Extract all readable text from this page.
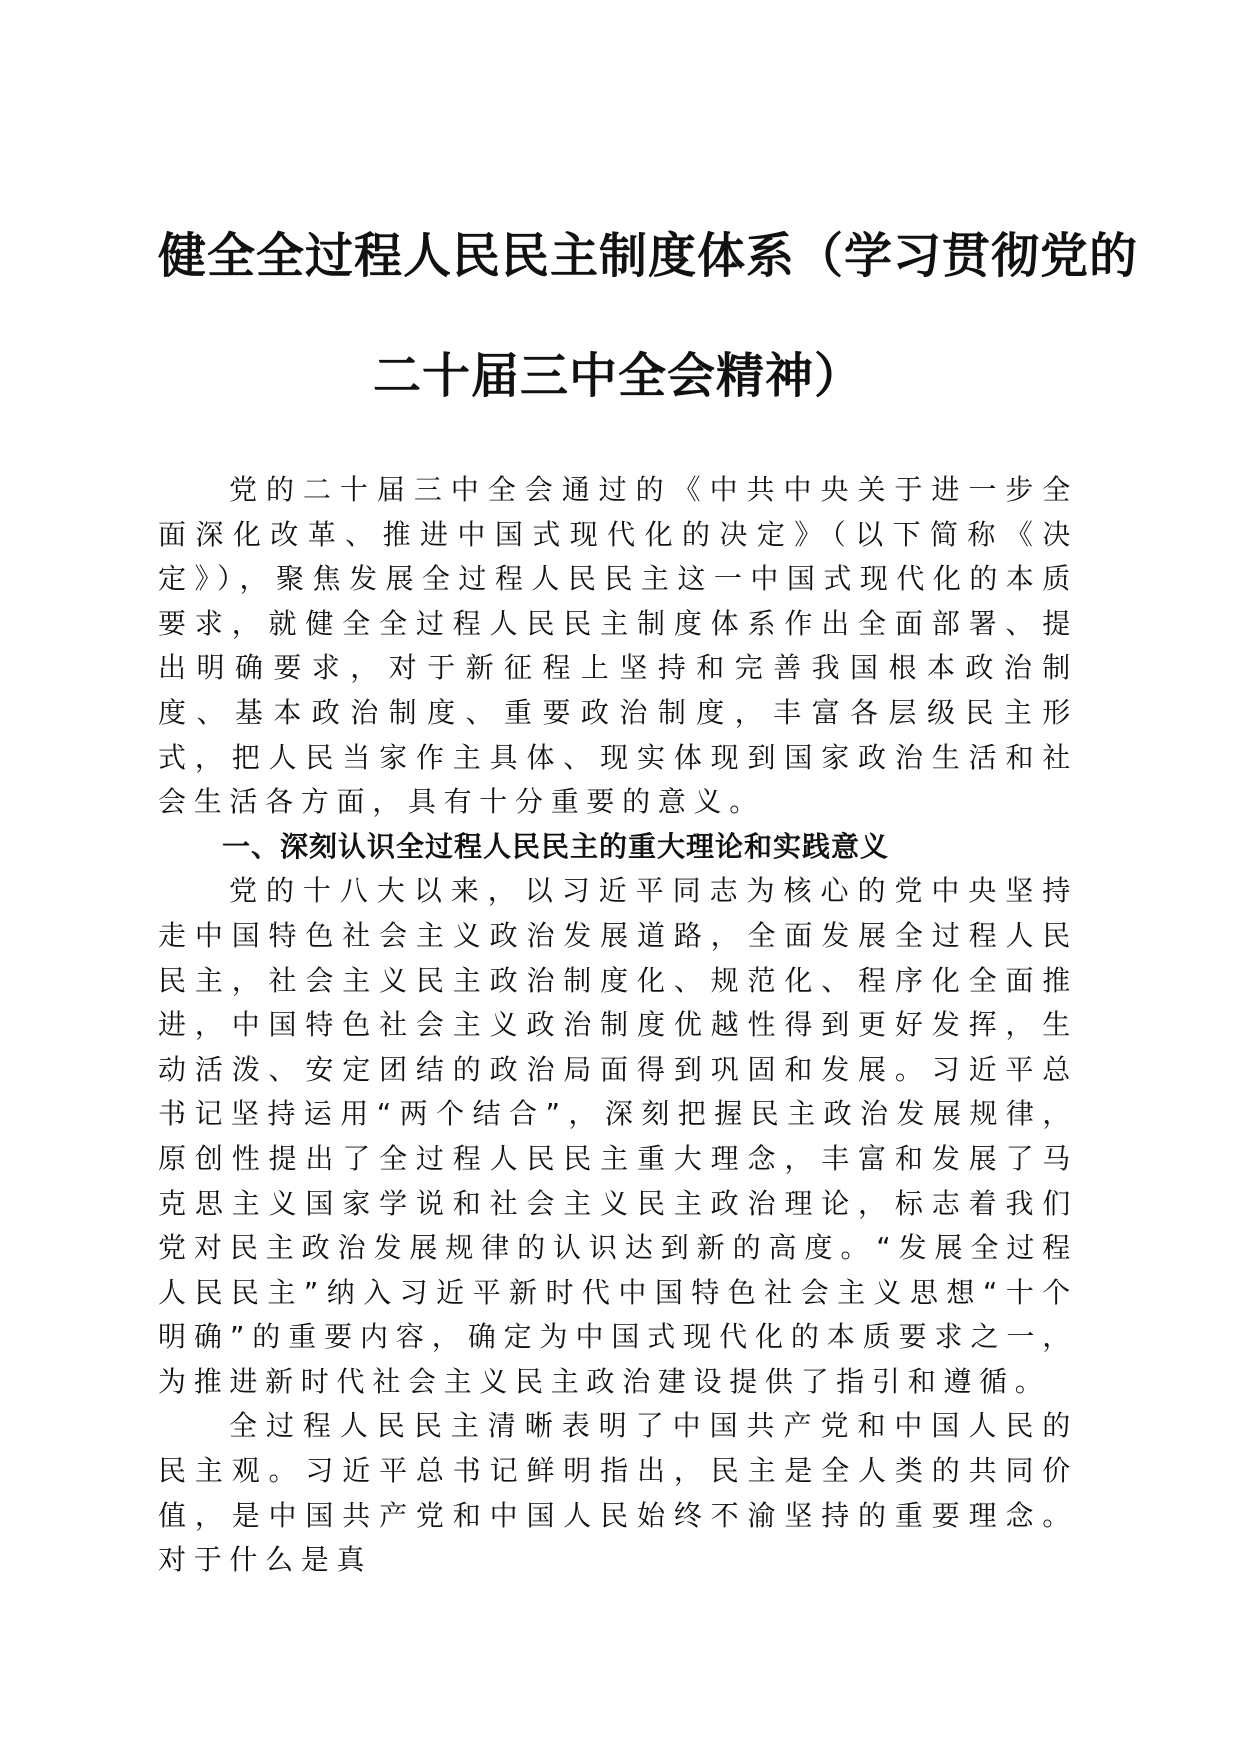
健全全过程人民民主制度体系（学习贯彻党的
二十届三中全会精神）

党的二十届三中全会通过的《中共中央关于进一步全面深化改革、推进中国式现代化的决定》（以下简称《决定》），聚焦发展全过程人民民主这一中国式现代化的本质要求，就健全全过程人民民主制度体系作出全面部署、提出明确要求，对于新征程上坚持和完善我国根本政治制度、基本政治制度、重要政治制度，丰富各层级民主形式，把人民当家作主具体、现实体现到国家政治生活和社会生活各方面，具有十分重要的意义。

一、深刻认识全过程人民民主的重大理论和实践意义

党的十八大以来，以习近平同志为核心的党中央坚持走中国特色社会主义政治发展道路，全面发展全过程人民民主，社会主义民主政治制度化、规范化、程序化全面推进，中国特色社会主义政治制度优越性得到更好发挥，生动活泼、安定团结的政治局面得到巩固和发展。习近平总书记坚持运用“两个结合”，深刻把握民主政治发展规律，原创性提出了全过程人民民主重大理念，丰富和发展了马克思主义国家学说和社会主义民主政治理论，标志着我们党对民主政治发展规律的认识达到新的高度。“发展全过程人民民主”纳入习近平新时代中国特色社会主义思想“十个明确”的重要内容，确定为中国式现代化的本质要求之一，为推进新时代社会主义民主政治建设提供了指引和遵循。

全过程人民民主清晰表明了中国共产党和中国人民的民主观。习近平总书记鲜明指出，民主是全人类的共同价值，是中国共产党和中国人民始终不渝坚持的重要理念。对于什么是真
